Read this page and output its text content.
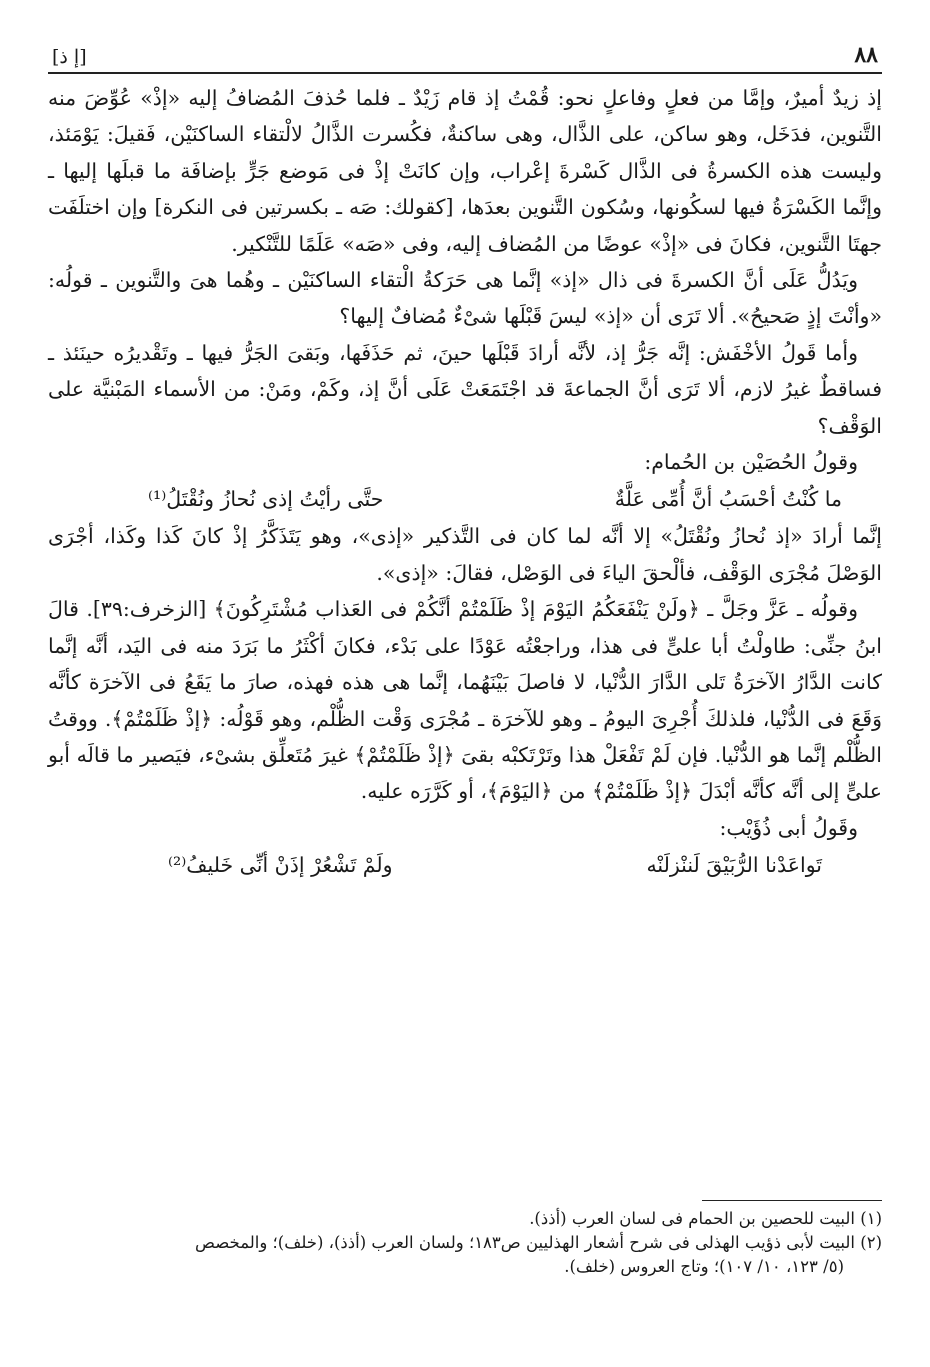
٨٨
[إ ذ]

إذ زيدٌ أميرٌ، وإمَّا من فعلٍ وفاعلٍ نحو: قُمْتُ إذ قام زَيْدٌ ـ فلما حُذفَ المُضافُ إليه «إذْ» عُوِّضَ منه التَّنوين، فدَخَل، وهو ساكن، على الذَّال، وهى ساكنةٌ، فكُسرت الذَّالُ لالْتقاء الساكنَيْن، فَقيلَ: يَوْمَئذ، وليست هذه الكسرةُ فى الذَّال كَسْرةَ إعْراب، وإن كانَتْ إذْ فى مَوضع جَرٍّ بإضافَة ما قبلَها إليها ـ وإنَّما الكَسْرَةُ فيها لسكُونها، وسُكون التَّنوين بعدَها، [كقولك: صَه ـ بكسرتين فى النكرة] وإن اختلَفَت جهتَا التَّنوين، فكانَ فى «إذْ» عوضًا من المُضاف إليه، وفى «صَه» عَلَمًا للتَّنْكير.

ويَدُلُّ عَلَى أنَّ الكسرةَ فى ذال «إذ» إنَّما هى حَرَكةُ الْتقاء الساكنَيْن ـ وهُما هىَ والتَّنوين ـ قولُه: «وأنْتَ إذٍ صَحيحُ». ألا تَرَى أن «إذ» ليسَ قَبْلَها شىْءٌ مُضافٌ إليها؟

وأما قَولُ الأخْفَش: إنَّه جَرُّ إذ، لأنَّه أرادَ قَبْلَها حينَ، ثم حَذَفَها، وبَقىَ الجَرُّ فيها ـ وتَقْديرُه حينَئذ ـ فساقطٌ غيرُ لازم، ألا تَرَى أنَّ الجماعةَ قد اجْتَمَعَتْ عَلَى أنَّ إذ، وكَمْ، ومَنْ: من الأسماء المَبْنيَّة على الوَقْف؟

وقولُ الحُصَيْن بن الحُمام:

ما كُنْتُ أحْسَبُ أنَّ أُمِّى عَلَّةٌ
حتَّى رأيْتُ إذى نُحازُ ونُقْتَلُ⁽¹⁾

إنَّما أرادَ «إذ نُحازُ ونُقْتَلُ» إلا أنَّه لما كان فى التَّذكير «إذى»، وهو يَتَذَكَّرُ إذْ كانَ كَذا وكَذا، أجْرَى الوَصْلَ مُجْرَى الوَقْف، فألْحقَ الياءَ فى الوَصْل، فقالَ: «إذى».

وقولُه ـ عَزَّ وجَلَّ ـ ﴿ولَنْ يَنْفَعَكُمُ اليَوْمَ إذْ ظَلَمْتُمْ أنَّكُمْ فى العَذاب مُشْتَرِكُونَ﴾ [الزخرف:٣٩]. قالَ ابنُ جنِّى: طاولْتُ أبا علىٍّ فى هذا، وراجعْتُه عَوْدًا على بَدْء، فكانَ أكْثَرُ ما بَرَدَ منه فى اليَد، أنَّه إنَّما كانت الدَّارُ الآخرَةُ تَلى الدَّارَ الدُّنْيا، لا فاصلَ بَيْنَهُما، إنَّما هى هذه فهذه، صارَ ما يَقَعُ فى الآخرَة كأنَّه وَقَعَ فى الدُّنْيا، فلذلكَ أُجْرِىَ اليومُ ـ وهو للآخرَة ـ مُجْرَى وَقْت الظُّلْم، وهو قَوْلُه: ﴿إذْ ظَلَمْتُمْ﴾. ووقتُ الظُّلْم إنَّما هو الدُّنْيا. فإن لَمْ تَفْعَلْ هذا وتَرْتَكبْه بقىَ ﴿إذْ ظَلَمْتُمْ﴾ غيرَ مُتَعلِّق بشىْء، فيَصير ما قالَه أبو علىٍّ إلى أنَّه كأنَّه أبْدَلَ ﴿إذْ ظَلَمْتُمْ﴾ من ﴿اليَوْمَ﴾، أو كَرَّرَه عليه.

وقَولُ أبى ذُؤَيْب:

تَواعَدْنا الرُّبَيْقَ لَننْزلَنْه
ولَمْ تَشْعُرْ إذَنْ أنِّى خَليفُ⁽²⁾

(١) البيت للحصين بن الحمام فى لسان العرب (أذذ).

(٢) البيت لأبى ذؤيب الهذلى فى شرح أشعار الهذليين ص١٨٣؛ ولسان العرب (أذذ)، (خلف)؛ والمخصص

(٥/ ١٢٣، ١٠/ ١٠٧)؛ وتاج العروس (خلف).
